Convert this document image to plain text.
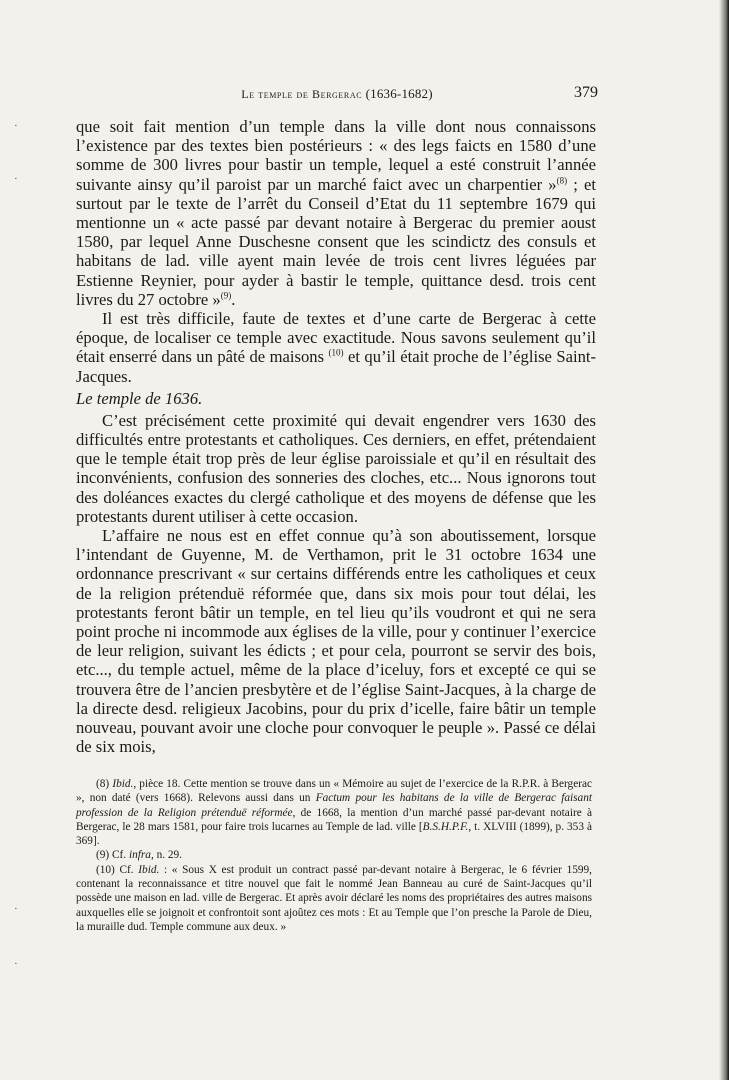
Le temple de Bergerac (1636-1682)	379

que soit fait mention d’un temple dans la ville dont nous connaissons l’existence par des textes bien postérieurs : « des legs faicts en 1580 d’une somme de 300 livres pour bastir un temple, lequel a esté construit l’année suivante ainsy qu’il paroist par un marché faict avec un charpentier »$^{(8)}$ ; et surtout par le texte de l’arrêt du Conseil d’Etat du 11 septembre 1679 qui mentionne un « acte passé par devant notaire à Bergerac du premier aoust 1580, par lequel Anne Duschesne consent que les scindictz des consuls et habitans de lad. ville ayent main levée de trois cent livres léguées par Estienne Reynier, pour ayder à bastir le temple, quittance desd. trois cent livres du 27 octobre »$^{(9)}$.

Il est très difficile, faute de textes et d’une carte de Bergerac à cette époque, de localiser ce temple avec exactitude. Nous savons seulement qu’il était enserré dans un pâté de maisons $^{(10)}$ et qu’il était proche de l’église Saint-Jacques.

Le temple de 1636.

C’est précisément cette proximité qui devait engendrer vers 1630 des difficultés entre protestants et catholiques. Ces derniers, en effet, prétendaient que le temple était trop près de leur église paroissiale et qu’il en résultait des inconvénients, confusion des sonneries des cloches, etc... Nous ignorons tout des doléances exactes du clergé catholique et des moyens de défense que les protestants durent utiliser à cette occasion.

L’affaire ne nous est en effet connue qu’à son aboutissement, lorsque l’intendant de Guyenne, M. de Verthamon, prit le 31 octobre 1634 une ordonnance prescrivant « sur certains différends entre les catholiques et ceux de la religion prétenduë réformée que, dans six mois pour tout délai, les protestants feront bâtir un temple, en tel lieu qu’ils voudront et qui ne sera point proche ni incommode aux églises de la ville, pour y continuer l’exercice de leur religion, suivant les édicts ; et pour cela, pourront se servir des bois, etc..., du temple actuel, même de la place d’iceluy, fors et excepté ce qui se trouvera être de l’ancien presbytère et de l’église Saint-Jacques, à la charge de la directe desd. religieux Jacobins, pour du prix d’icelle, faire bâtir un temple nouveau, pouvant avoir une cloche pour convoquer le peuple ». Passé ce délai de six mois,

(8) Ibid., pièce 18. Cette mention se trouve dans un « Mémoire au sujet de l’exercice de la R.P.R. à Bergerac », non daté (vers 1668). Relevons aussi dans un Factum pour les habitans de la ville de Bergerac faisant profession de la Religion prétenduë réformée, de 1668, la mention d’un marché passé par-devant notaire à Bergerac, le 28 mars 1581, pour faire trois lucarnes au Temple de lad. ville [B.S.H.P.F., t. XLVIII (1899), p. 353 à 369].

(9) Cf. infra, n. 29.

(10) Cf. Ibid. : « Sous X est produit un contract passé par-devant notaire à Bergerac, le 6 février 1599, contenant la reconnaissance et titre nouvel que fait le nommé Jean Banneau au curé de Saint-Jacques qu’il possède une maison en lad. ville de Bergerac. Et après avoir déclaré les noms des propriétaires des autres maisons auxquelles elle se joignoit et confrontoit sont ajoûtez ces mots : Et au Temple que l’on presche la Parole de Dieu, la muraille dud. Temple commune aux deux. »

·
·
·
·
